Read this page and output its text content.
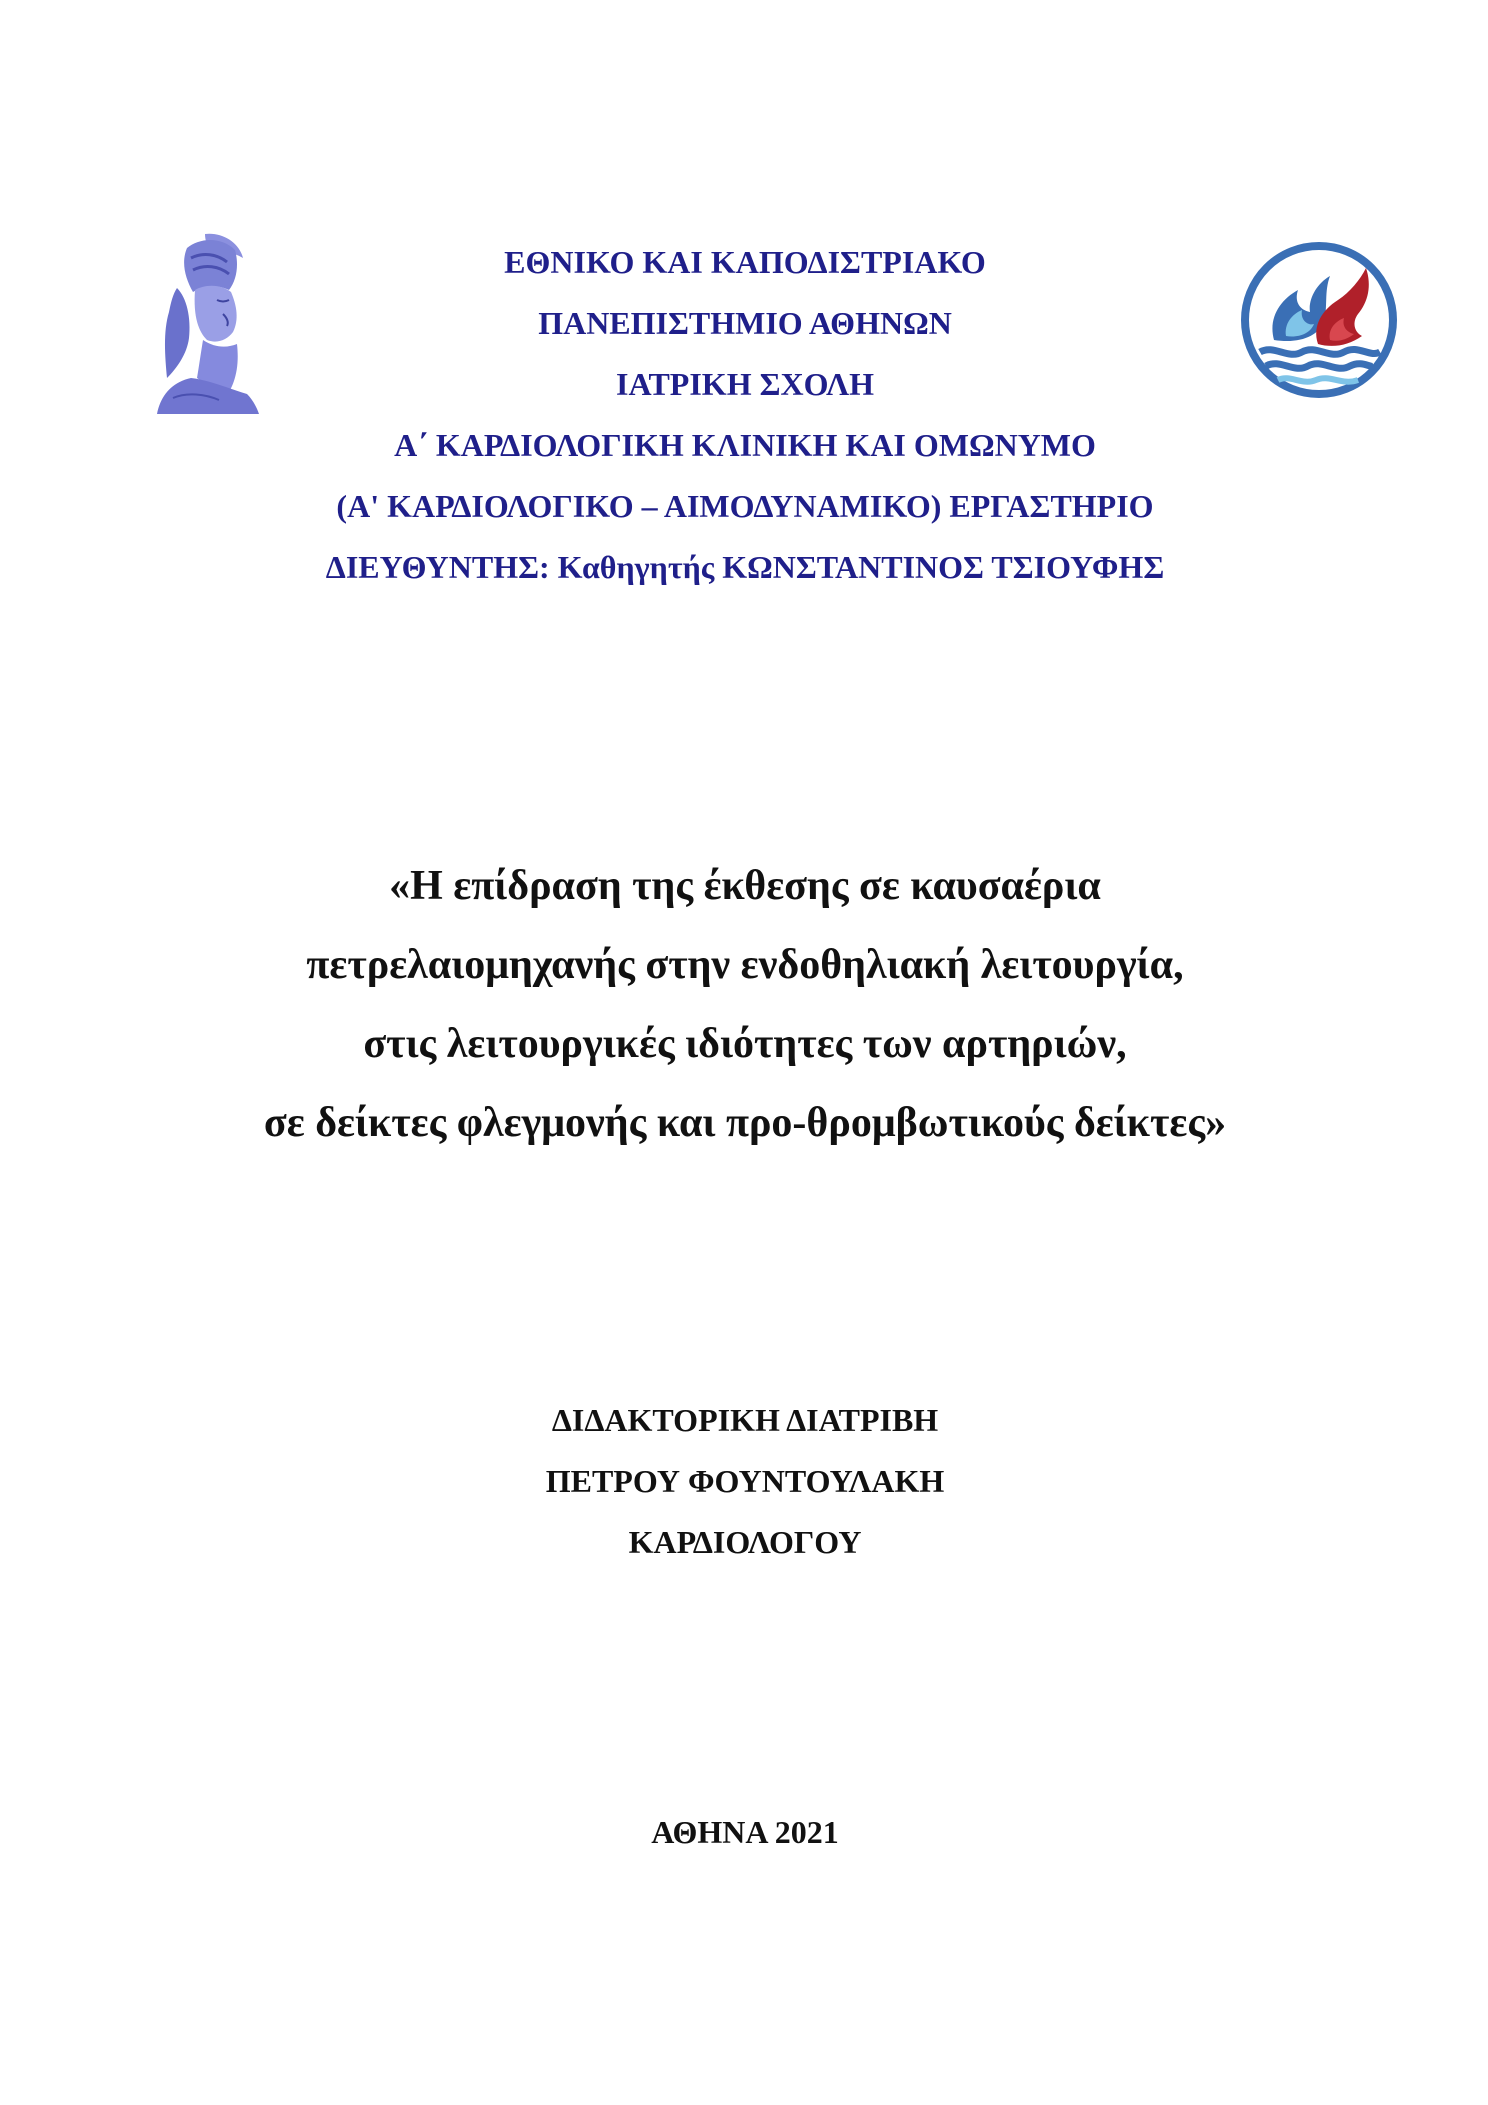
ΕΘΝΙΚΟ ΚΑΙ ΚΑΠΟΔΙΣΤΡΙΑΚΟ
ΠΑΝΕΠΙΣΤΗΜΙΟ ΑΘΗΝΩΝ
ΙΑΤΡΙΚΗ ΣΧΟΛΗ
Α΄ ΚΑΡΔΙΟΛΟΓΙΚΗ ΚΛΙΝΙΚΗ ΚΑΙ ΟΜΩΝΥΜΟ
(Α' ΚΑΡΔΙΟΛΟΓΙΚΟ – ΑΙΜΟΔΥΝΑΜΙΚΟ) ΕΡΓΑΣΤΗΡΙΟ
ΔΙΕΥΘΥΝΤΗΣ: Καθηγητής ΚΩΝΣΤΑΝΤΙΝΟΣ ΤΣΙΟΥΦΗΣ
«Η επίδραση της έκθεσης σε καυσαέρια
πετρελαιομηχανής στην ενδοθηλιακή λειτουργία,
στις λειτουργικές ιδιότητες των αρτηριών,
σε δείκτες φλεγμονής και προ-θρομβωτικούς δείκτες»
ΔΙΔΑΚΤΟΡΙΚΗ ΔΙΑΤΡΙΒΗ
ΠΕΤΡΟΥ ΦΟΥΝΤΟΥΛΑΚΗ
ΚΑΡΔΙΟΛΟΓΟΥ
ΑΘΗΝΑ 2021
